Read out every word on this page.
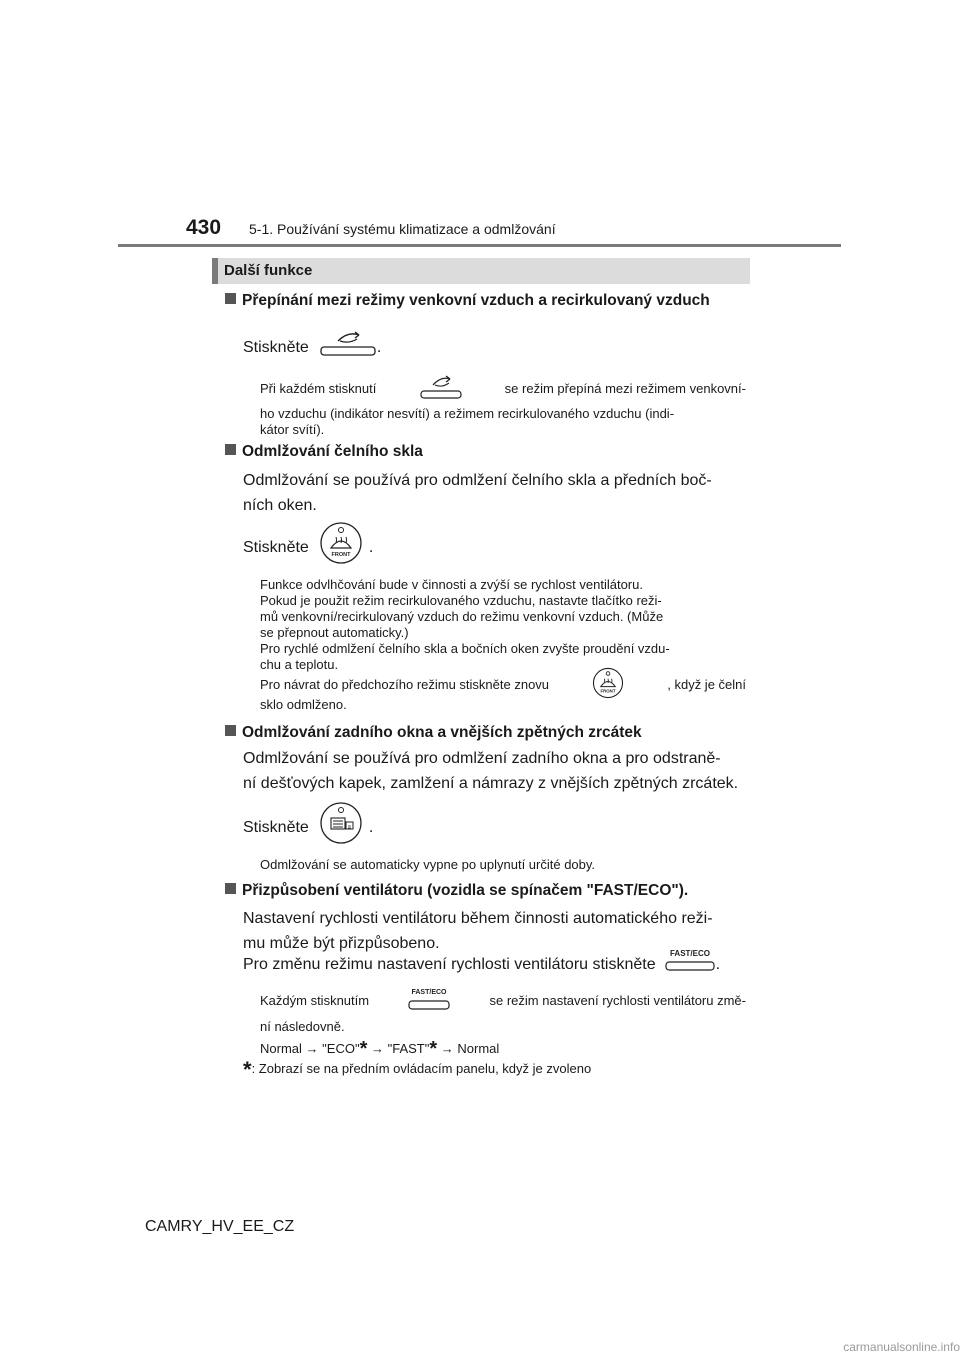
430 5-1. Používání systému klimatizace a odmlžování
Další funkce
Přepínání mezi režimy venkovní vzduch a recirkulovaný vzduch
Stiskněte	.
Při každém stisknutí	se režim přepíná mezi režimem venkovní-
ho vzduchu (indikátor nesvítí) a režimem recirkulovaného vzduchu (indi-
kátor svítí).
Odmlžování čelního skla
Odmlžování se používá pro odmlžení čelního skla a předních boč-
ních oken.
Stiskněte	FRONT .
Funkce odvlhčování bude v činnosti a zvýší se rychlost ventilátoru.
Pokud je použit režim recirkulovaného vzduchu, nastavte tlačítko reži-
mů venkovní/recirkulovaný vzduch do režimu venkovní vzduch. (Může
se přepnout automaticky.)
Pro rychlé odmlžení čelního skla a bočních oken zvyšte proudění vzdu-
chu a teplotu.
Pro návrat do předchozího režimu stiskněte znovu	FRONT	, když je čelní
sklo odmlženo.
Odmlžování zadního okna a vnějších zpětných zrcátek
Odmlžování se používá pro odmlžení zadního okna a pro odstraně-
ní dešťových kapek, zamlžení a námrazy z vnějších zpětných zrcátek.
Stiskněte	.
Odmlžování se automaticky vypne po uplynutí určité doby.
Přizpůsobení ventilátoru (vozidla se spínačem "FAST/ECO").
Nastavení rychlosti ventilátoru během činnosti automatického reži-
mu může být přizpůsobeno.
Pro změnu režimu nastavení rychlosti ventilátoru stiskněte
FAST/ECO
.
Každým stisknutím
FAST/ECO
se režim nastavení rychlosti ventilátoru změ-
ní následovně.
Normal → "ECO"* → "FAST"* → Normal
*: Zobrazí se na předním ovládacím panelu, když je zvoleno
CAMRY_HV_EE_CZ
carmanualsonline.info
